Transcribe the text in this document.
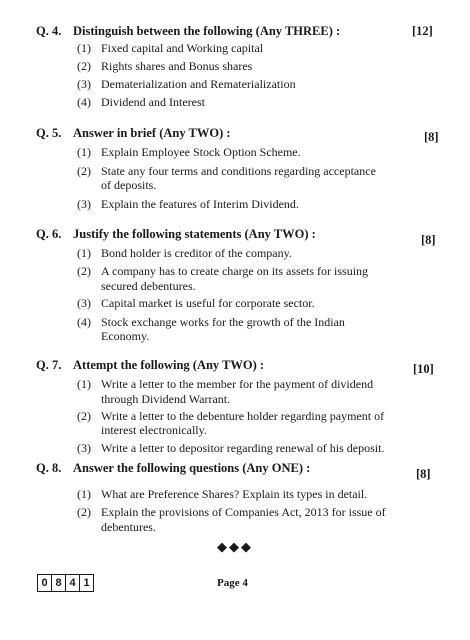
Q. 4. Distinguish between the following (Any THREE) :	[12]
(1) Fixed capital and Working capital
(2) Rights shares and Bonus shares
(3) Dematerialization and Rematerialization
(4) Dividend and Interest
Q. 5. Answer in brief (Any TWO) :	[8]
(1) Explain Employee Stock Option Scheme.
(2) State any four terms and conditions regarding acceptance
of deposits.
(3) Explain the features of Interim Dividend.
Q. 6. Justify the following statements (Any TWO) :	[8]
(1) Bond holder is creditor of the company.
(2) A company has to create charge on its assets for issuing
secured debentures.
(3) Capital market is useful for corporate sector.
(4) Stock exchange works for the growth of the Indian
Economy.
Q. 7. Attempt the following (Any TWO) :	[10]
(1) Write a letter to the member for the payment of dividend
through Dividend Warrant.
(2) Write a letter to the debenture holder regarding payment of
interest electronically.
(3) Write a letter to depositor regarding renewal of his deposit.
Q. 8. Answer the following questions (Any ONE) :	[8]
(1) What are Preference Shares? Explain its types in detail.
(2) Explain the provisions of Companies Act, 2013 for issue of
debentures.
◆◆◆
0 8 4 1	Page 4
